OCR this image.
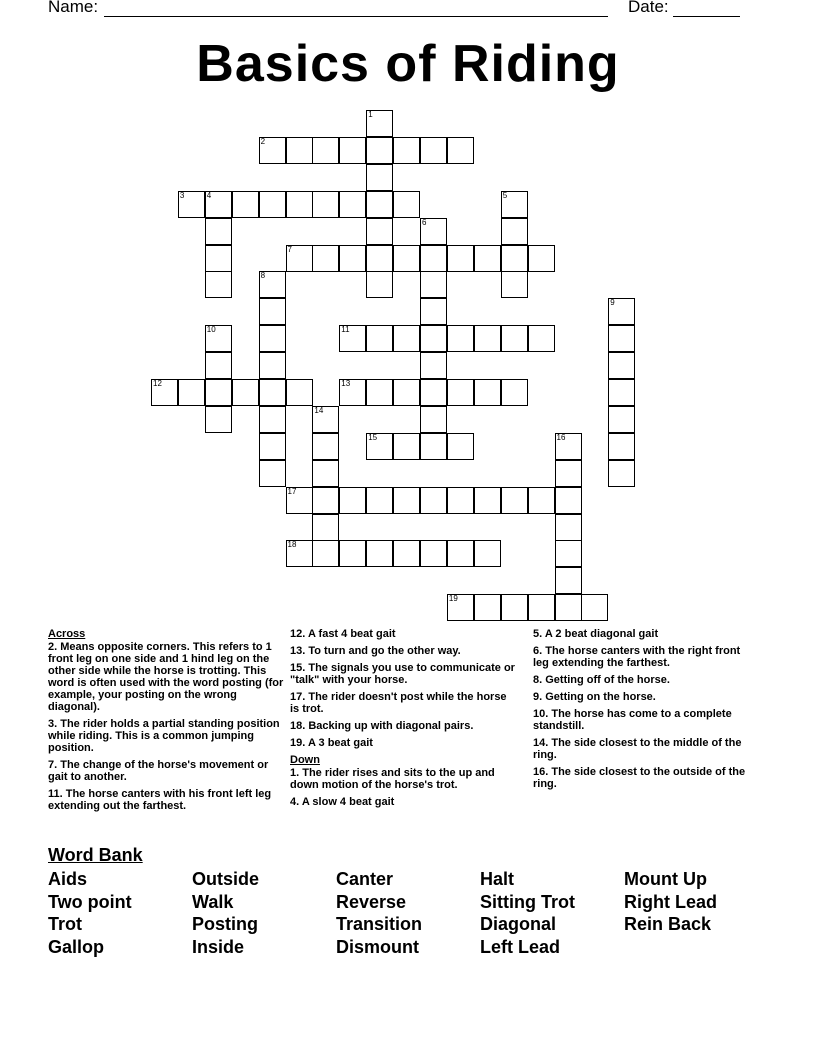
Name:	Date:
Basics of Riding
1
2
3	4	5
6
7
8
9
10	11
12	13
14
15	16
17
18
19
Across
2. Means opposite corners. This refers to 1 front leg on one side and 1 hind leg on the other side while the horse is trotting. This word is often used with the word posting (for example, your posting on the wrong diagonal).
3. The rider holds a partial standing position while riding. This is a common jumping position.
7. The change of the horse's movement or gait to another.
11. The horse canters with his front left leg extending out the farthest.
12. A fast 4 beat gait
13. To turn and go the other way.
15. The signals you use to communicate or "talk" with your horse.
17. The rider doesn't post while the horse is trot.
18. Backing up with diagonal pairs.
19. A 3 beat gait
Down
1. The rider rises and sits to the up and down motion of the horse's trot.
4. A slow 4 beat gait
5. A 2 beat diagonal gait
6. The horse canters with the right front leg extending the farthest.
8. Getting off of the horse.
9. Getting on the horse.
10. The horse has come to a complete standstill.
14. The side closest to the middle of the ring.
16. The side closest to the outside of the ring.
Word Bank
Aids
Two point
Trot
Gallop
Outside
Walk
Posting
Inside
Canter
Reverse
Transition
Dismount
Halt
Sitting Trot
Diagonal
Left Lead
Mount Up
Right Lead
Rein Back
